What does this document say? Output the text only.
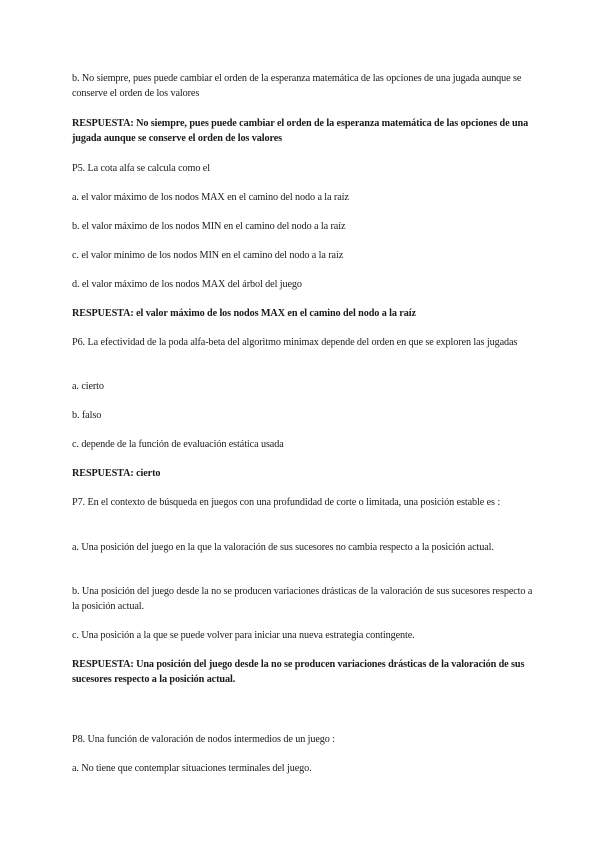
b. No siempre, pues puede cambiar el orden de la esperanza matemática de las opciones de una jugada aunque se conserve el orden de los valores

RESPUESTA: No siempre, pues puede cambiar el orden de la esperanza matemática de las opciones de una jugada aunque se conserve el orden de los valores

P5. La cota alfa se calcula como el

a. el valor máximo de los nodos MAX en el camino del nodo a la raíz

b. el valor máximo de los nodos MIN en el camino del nodo a la raíz

c. el valor mínimo de los nodos MIN en el camino del nodo a la raíz

d. el valor máximo de los nodos MAX del árbol del juego

RESPUESTA: el valor máximo de los nodos MAX en el camino del nodo a la raíz

P6. La efectividad de la poda alfa-beta del algoritmo minimax depende del orden en que se exploren las jugadas

a. cierto

b. falso

c. depende de la función de evaluación estática usada

RESPUESTA: cierto

P7. En el contexto de búsqueda en juegos con una profundidad de corte o limitada, una posición estable es :

a. Una posición del juego en la que la valoración de sus sucesores no cambia respecto a la posición actual.

b. Una posición del juego desde la no se producen variaciones drásticas de la valoración de sus sucesores respecto a la posición actual.

c. Una posición a la que se puede volver para iniciar una nueva estrategia contingente.

RESPUESTA: Una posición del juego desde la no se producen variaciones drásticas de la valoración de sus sucesores respecto a la posición actual.

P8. Una función de valoración de nodos intermedios de un juego :

a. No tiene que contemplar situaciones terminales del juego.
